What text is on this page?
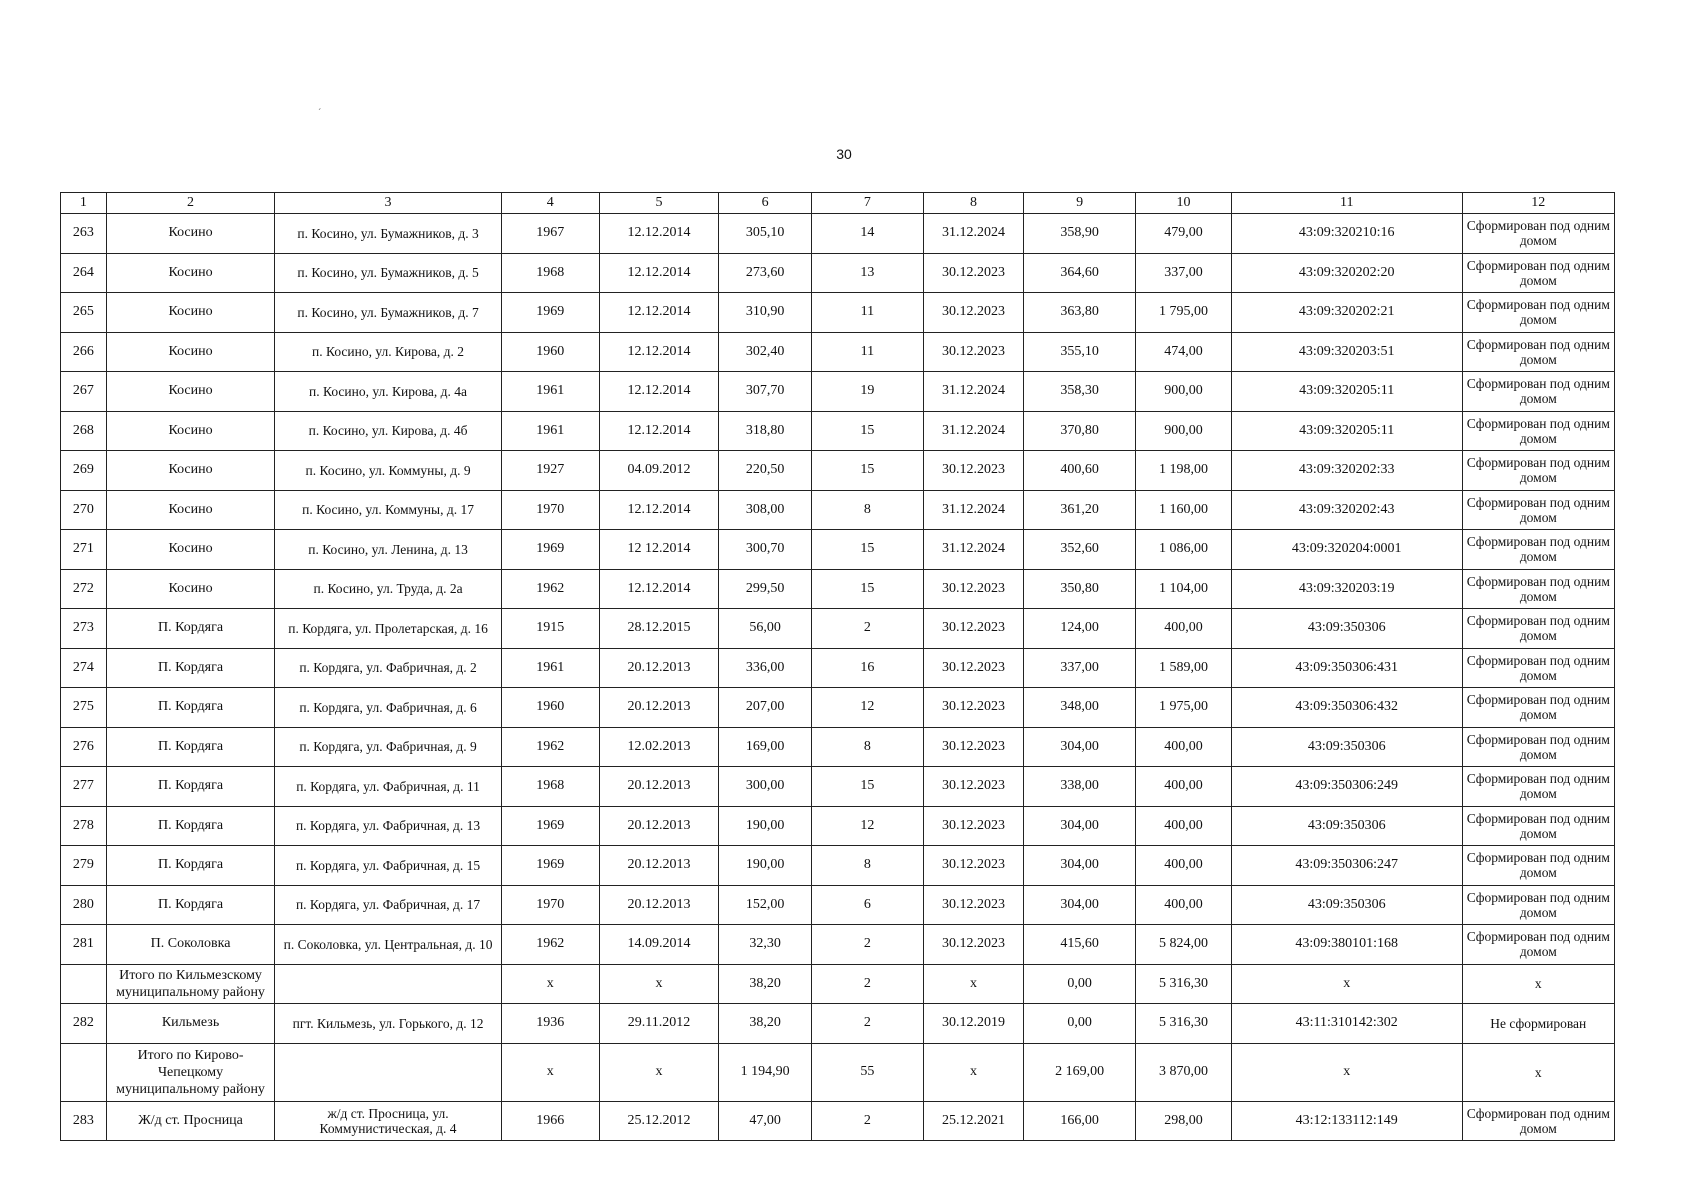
30
ˊ
1	2	3	4	5	6	7	8	9	10	11	12
263	Косино	п. Косино, ул. Бумажников, д. 3	1967	12.12.2014	305,10	14	31.12.2024	358,90	479,00	43:09:320210:16	Сформирован под одним домом
264	Косино	п. Косино, ул. Бумажников, д. 5	1968	12.12.2014	273,60	13	30.12.2023	364,60	337,00	43:09:320202:20	Сформирован под одним домом
265	Косино	п. Косино, ул. Бумажников, д. 7	1969	12.12.2014	310,90	11	30.12.2023	363,80	1 795,00	43:09:320202:21	Сформирован под одним домом
266	Косино	п. Косино, ул. Кирова, д. 2	1960	12.12.2014	302,40	11	30.12.2023	355,10	474,00	43:09:320203:51	Сформирован под одним домом
267	Косино	п. Косино, ул. Кирова, д. 4а	1961	12.12.2014	307,70	19	31.12.2024	358,30	900,00	43:09:320205:11	Сформирован под одним домом
268	Косино	п. Косино, ул. Кирова, д. 4б	1961	12.12.2014	318,80	15	31.12.2024	370,80	900,00	43:09:320205:11	Сформирован под одним домом
269	Косино	п. Косино, ул. Коммуны, д. 9	1927	04.09.2012	220,50	15	30.12.2023	400,60	1 198,00	43:09:320202:33	Сформирован под одним домом
270	Косино	п. Косино, ул. Коммуны, д. 17	1970	12.12.2014	308,00	8	31.12.2024	361,20	1 160,00	43:09:320202:43	Сформирован под одним домом
271	Косино	п. Косино, ул. Ленина, д. 13	1969	12 12.2014	300,70	15	31.12.2024	352,60	1 086,00	43:09:320204:0001	Сформирован под одним домом
272	Косино	п. Косино, ул. Труда, д. 2а	1962	12.12.2014	299,50	15	30.12.2023	350,80	1 104,00	43:09:320203:19	Сформирован под одним домом
273	П. Кордяга	п. Кордяга, ул. Пролетарская, д. 16	1915	28.12.2015	56,00	2	30.12.2023	124,00	400,00	43:09:350306	Сформирован под одним домом
274	П. Кордяга	п. Кордяга, ул. Фабричная, д. 2	1961	20.12.2013	336,00	16	30.12.2023	337,00	1 589,00	43:09:350306:431	Сформирован под одним домом
275	П. Кордяга	п. Кордяга, ул. Фабричная, д. 6	1960	20.12.2013	207,00	12	30.12.2023	348,00	1 975,00	43:09:350306:432	Сформирован под одним домом
276	П. Кордяга	п. Кордяга, ул. Фабричная, д. 9	1962	12.02.2013	169,00	8	30.12.2023	304,00	400,00	43:09:350306	Сформирован под одним домом
277	П. Кордяга	п. Кордяга, ул. Фабричная, д. 11	1968	20.12.2013	300,00	15	30.12.2023	338,00	400,00	43:09:350306:249	Сформирован под одним домом
278	П. Кордяга	п. Кордяга, ул. Фабричная, д. 13	1969	20.12.2013	190,00	12	30.12.2023	304,00	400,00	43:09:350306	Сформирован под одним домом
279	П. Кордяга	п. Кордяга, ул. Фабричная, д. 15	1969	20.12.2013	190,00	8	30.12.2023	304,00	400,00	43:09:350306:247	Сформирован под одним домом
280	П. Кордяга	п. Кордяга, ул. Фабричная, д. 17	1970	20.12.2013	152,00	6	30.12.2023	304,00	400,00	43:09:350306	Сформирован под одним домом
281	П. Соколовка	п. Соколовка, ул. Центральная, д. 10	1962	14.09.2014	32,30	2	30.12.2023	415,60	5 824,00	43:09:380101:168	Сформирован под одним домом
	Итого по Кильмезскому муниципальному району		x	x	38,20	2	x	0,00	5 316,30	x	x
282	Кильмезь	пгт. Кильмезь, ул. Горького, д. 12	1936	29.11.2012	38,20	2	30.12.2019	0,00	5 316,30	43:11:310142:302	Не сформирован
	Итого по Кирово-Чепецкому муниципальному району		x	x	1 194,90	55	x	2 169,00	3 870,00	x	x
283	Ж/д ст. Просница	ж/д ст. Просница, ул. Коммунистическая, д. 4	1966	25.12.2012	47,00	2	25.12.2021	166,00	298,00	43:12:133112:149	Сформирован под одним домом
